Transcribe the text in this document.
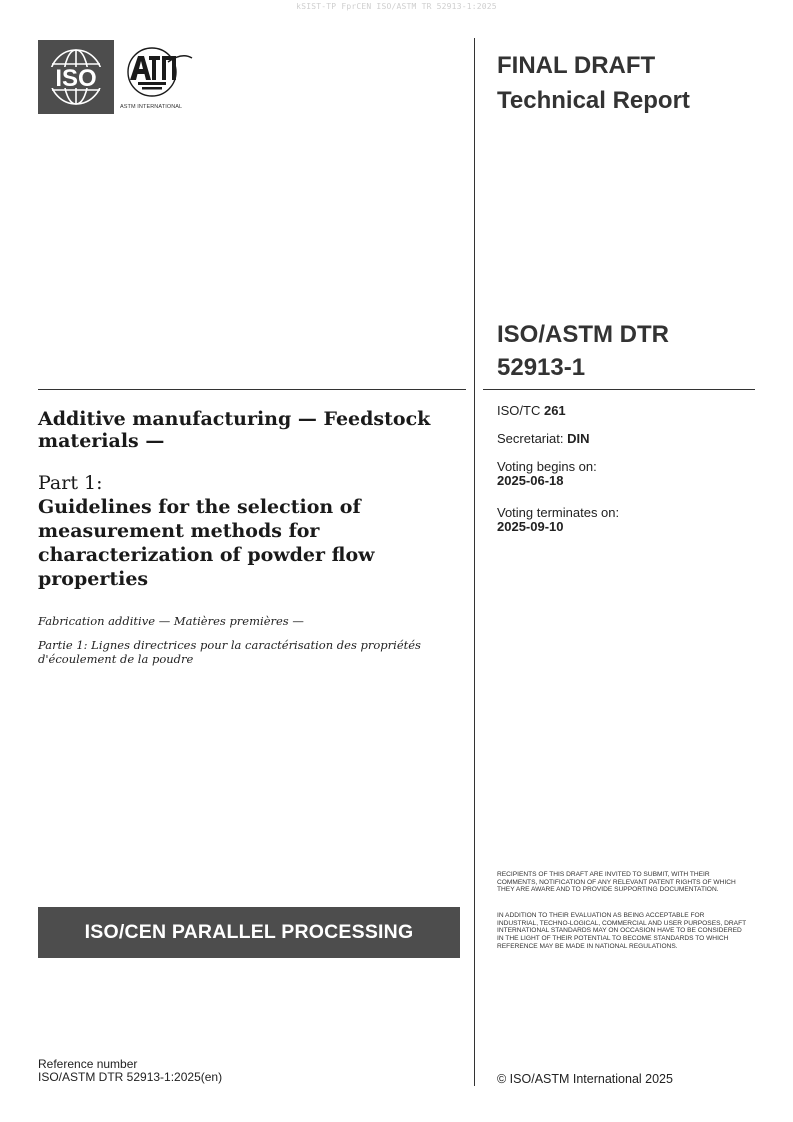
kSIST-TP FprCEN ISO/ASTM TR 52913-1:2025
ISO
ASTM INTERNATIONAL
FINAL DRAFT
Technical Report
ISO/ASTM DTR 52913-1
ISO/TC 261
Secretariat: DIN
Voting begins on:
2025-06-18
Voting terminates on:
2025-09-10
Additive manufacturing — Feedstock materials —
Part 1:
Guidelines for the selection of measurement methods for characterization of powder flow properties
Fabrication additive — Matières premières —
Partie 1: Lignes directrices pour la caractérisation des propriétés d'écoulement de la poudre
RECIPIENTS OF THIS DRAFT ARE INVITED TO SUBMIT, WITH THEIR COMMENTS, NOTIFICATION OF ANY RELEVANT PATENT RIGHTS OF WHICH THEY ARE AWARE AND TO PROVIDE SUPPORTING DOCUMENTATION.
IN ADDITION TO THEIR EVALUATION AS BEING ACCEPTABLE FOR INDUSTRIAL, TECHNO-LOGICAL, COMMERCIAL AND USER PURPOSES, DRAFT INTERNATIONAL STANDARDS MAY ON OCCASION HAVE TO BE CONSIDERED IN THE LIGHT OF THEIR POTENTIAL TO BECOME STANDARDS TO WHICH REFERENCE MAY BE MADE IN NATIONAL REGULATIONS.
ISO/CEN PARALLEL PROCESSING
Reference number
ISO/ASTM DTR 52913-1:2025(en)	© ISO/ASTM International 2025
